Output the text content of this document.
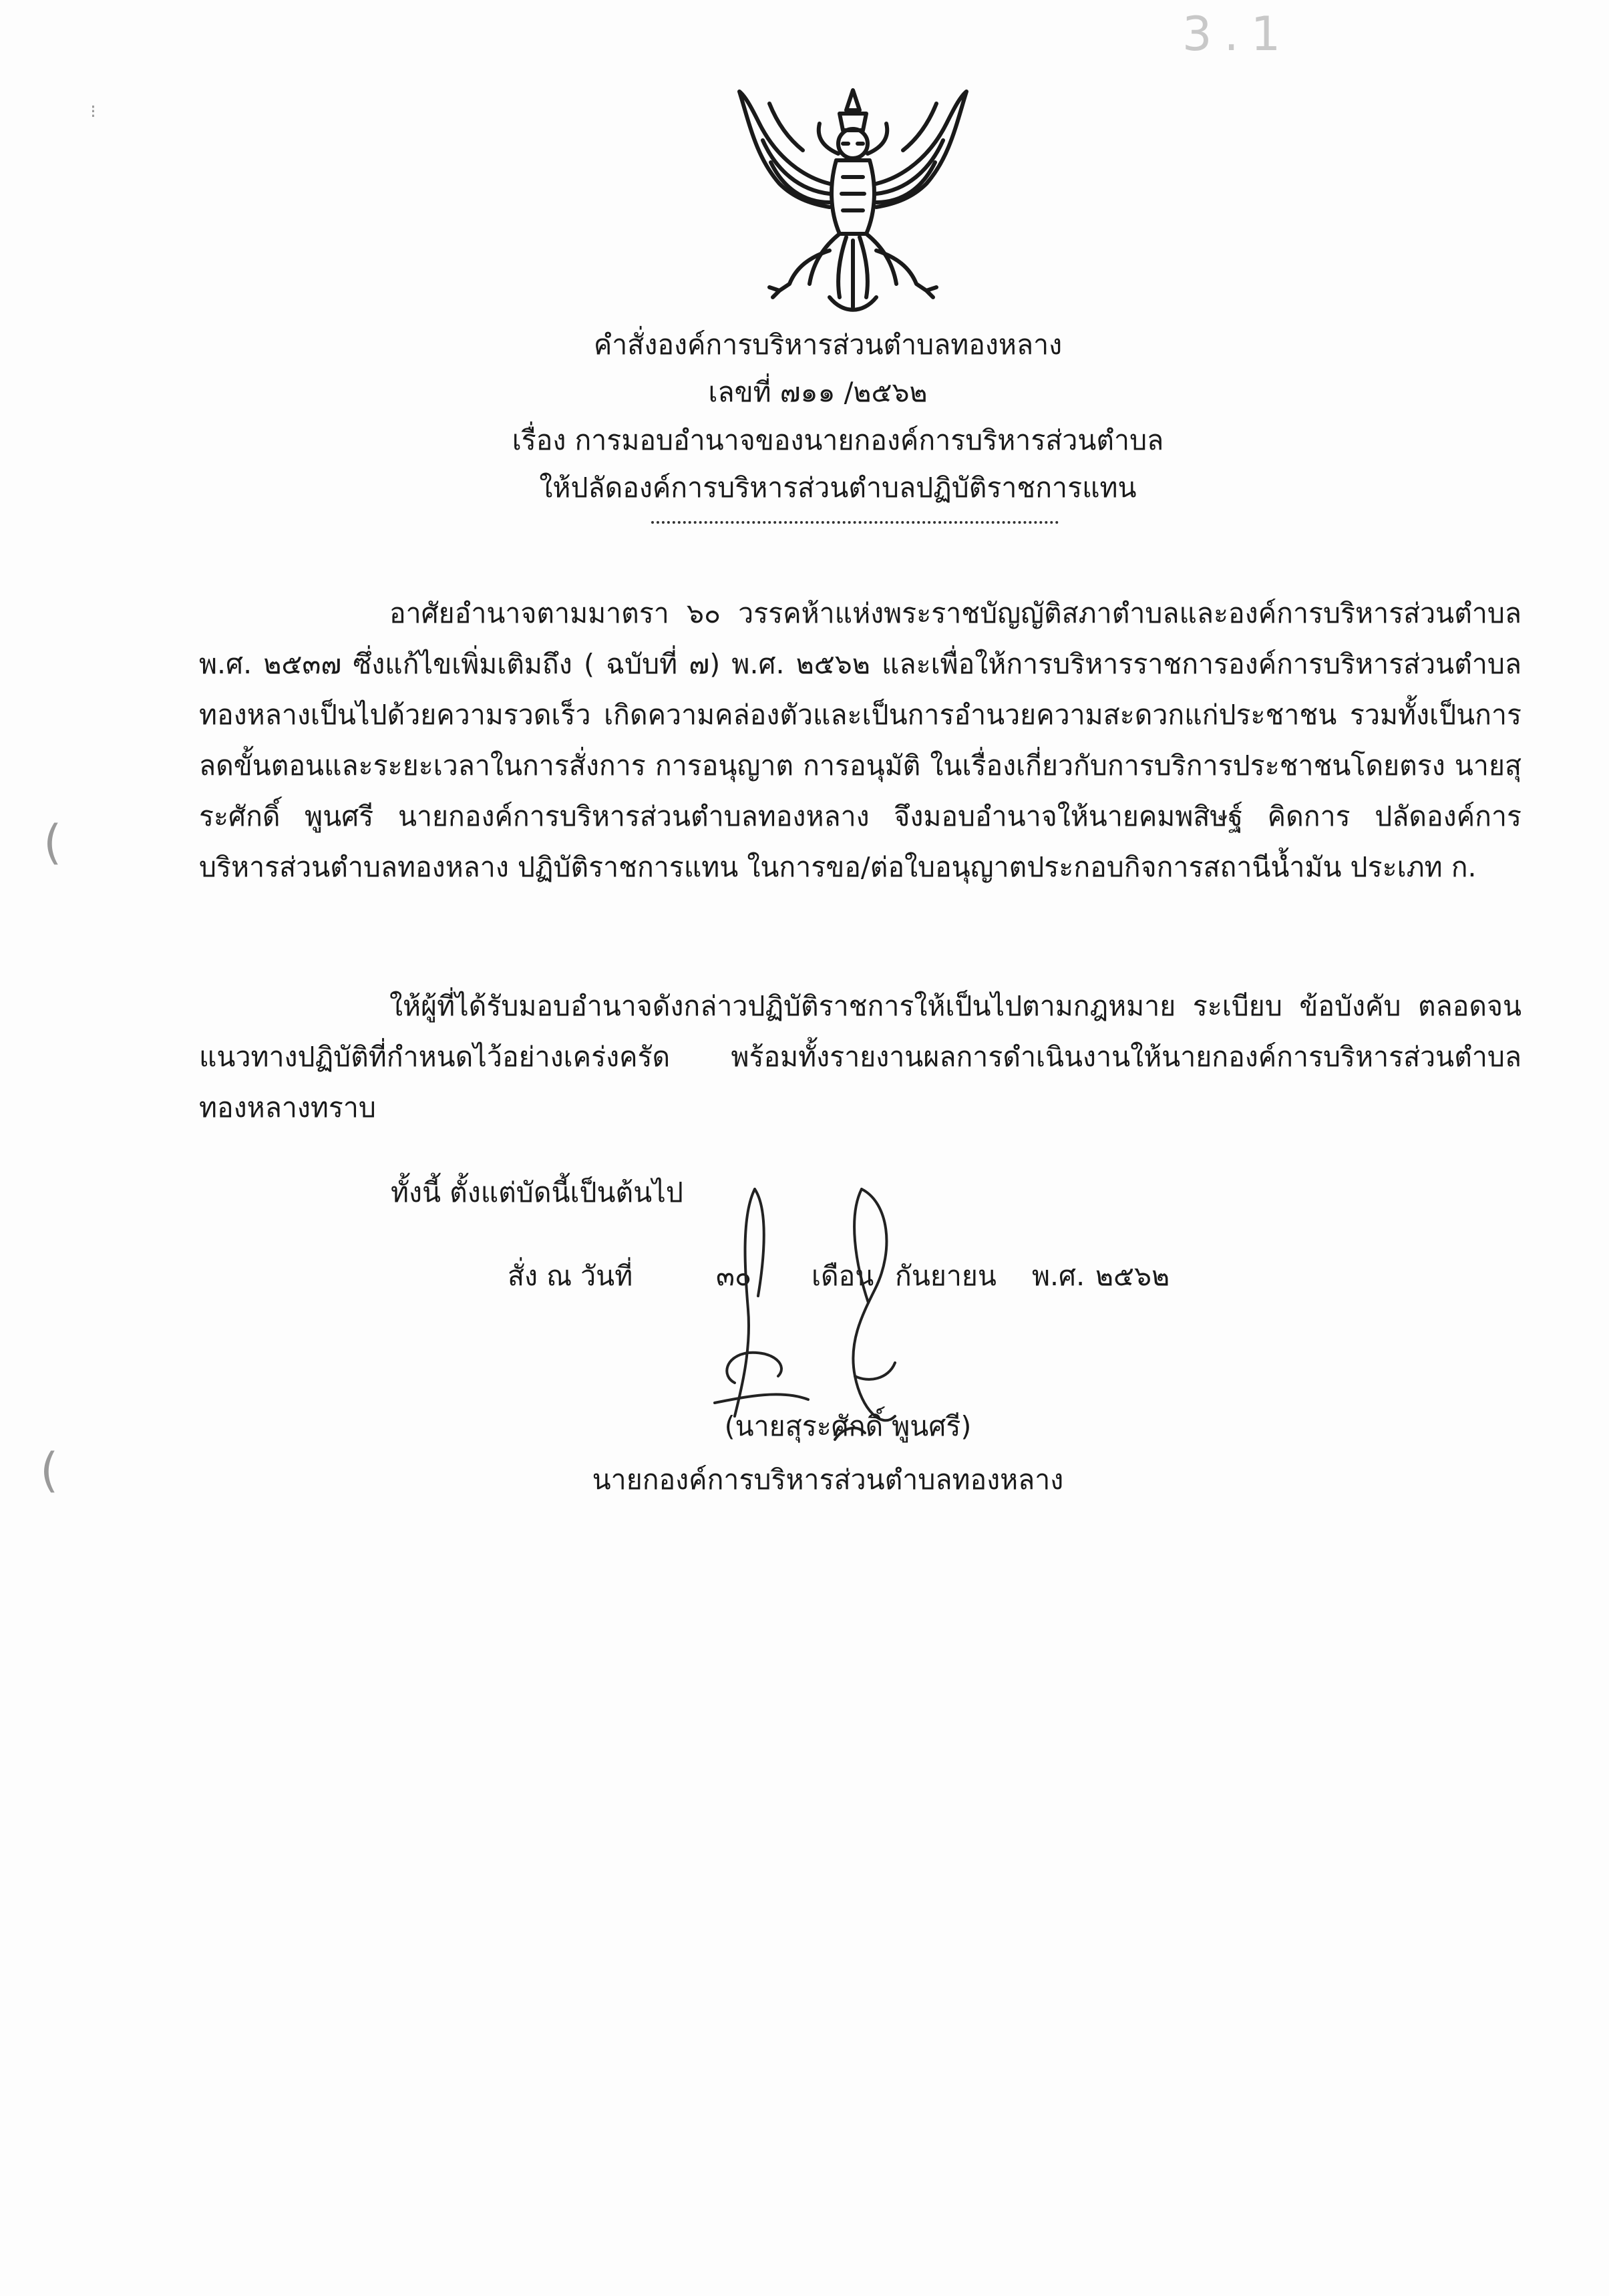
3.1
⁝
(
(
คำสั่งองค์การบริหารส่วนตำบลทองหลาง
เลขที่ ๗๑๑ /๒๕๖๒
เรื่อง การมอบอำนาจของนายกองค์การบริหารส่วนตำบล
ให้ปลัดองค์การบริหารส่วนตำบลปฏิบัติราชการแทน
อาศัยอำนาจตามมาตรา ๖๐ วรรคห้าแห่งพระราชบัญญัติสภาตำบลและองค์การบริหารส่วนตำบล พ.ศ. ๒๕๓๗ ซึ่งแก้ไขเพิ่มเติมถึง ( ฉบับที่ ๗) พ.ศ. ๒๕๖๒ และเพื่อให้การบริหารราชการองค์การบริหารส่วนตำบลทองหลางเป็นไปด้วยความรวดเร็ว เกิดความคล่องตัวและเป็นการอำนวยความสะดวกแก่ประชาชน รวมทั้งเป็นการลดขั้นตอนและระยะเวลาในการสั่งการ การอนุญาต การอนุมัติ ในเรื่องเกี่ยวกับการบริการประชาชนโดยตรง นายสุระศักดิ์ พูนศรี นายกองค์การบริหารส่วนตำบลทองหลาง จึงมอบอำนาจให้นายคมพสิษฐ์ คิดการ ปลัดองค์การบริหารส่วนตำบลทองหลาง ปฏิบัติราชการแทน ในการขอ/ต่อใบอนุญาตประกอบกิจการสถานีน้ำมัน ประเภท ก.
ให้ผู้ที่ได้รับมอบอำนาจดังกล่าวปฏิบัติราชการให้เป็นไปตามกฎหมาย ระเบียบ ข้อบังคับ ตลอดจนแนวทางปฏิบัติที่กำหนดไว้อย่างเคร่งครัด พร้อมทั้งรายงานผลการดำเนินงานให้นายกองค์การบริหารส่วนตำบลทองหลางทราบ
ทั้งนี้ ตั้งแต่บัดนี้เป็นต้นไป
สั่ง ณ วันที่	๓๐ เดือน กันยายน พ.ศ. ๒๕๖๒
(นายสุระศักดิ์ พูนศรี)
นายกองค์การบริหารส่วนตำบลทองหลาง
